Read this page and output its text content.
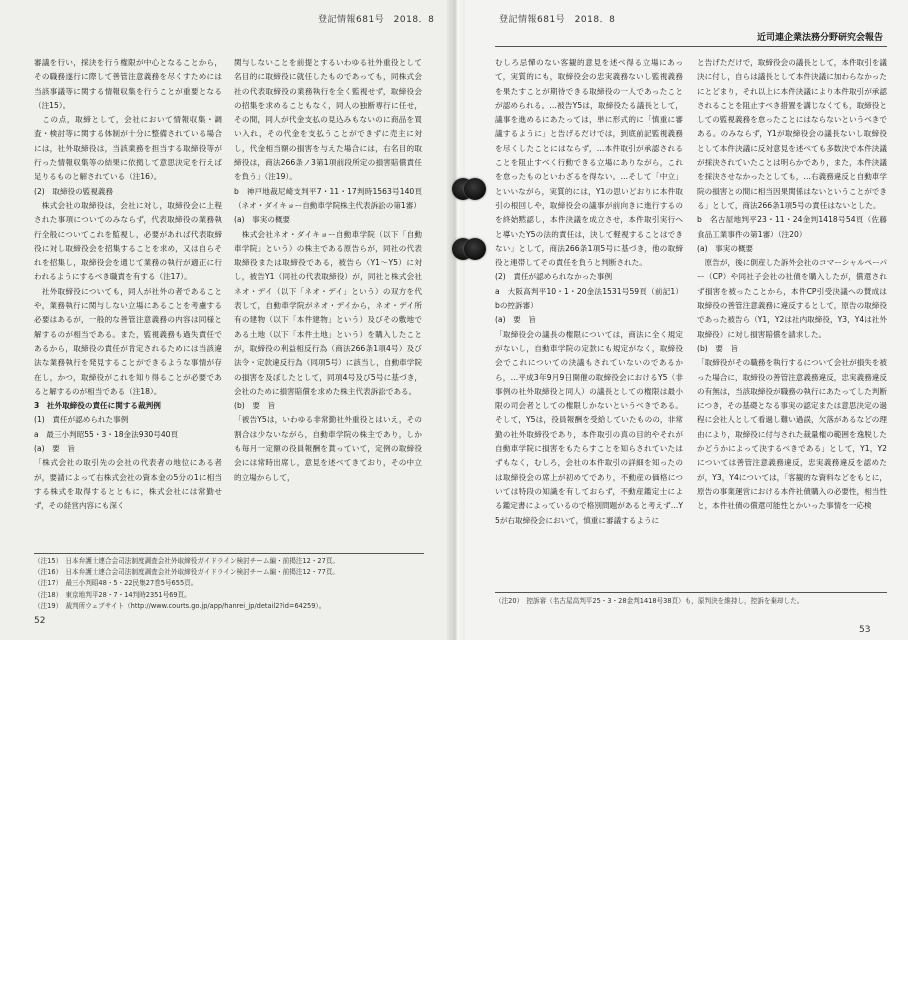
登記情報681号　2018．8

審議を行い，採決を行う権限が中心となることから，その職務遂行に際して善管注意義務を尽くすためには当該事議等に関する情報収集を行うことが重要となる（注15）。

　この点，取締として，会社において情報収集・調査・検討等に関する体制が十分に整備されている場合には，社外取締役は，当該業務を担当する取締役等が行った情報収集等の結果に依拠して意思決定を行えば足りるものと解されている（注16）。

(2)　取締役の監視義務

　株式会社の取締役は，会社に対し，取締役会に上程された事項についてのみならず，代表取締役の業務執行全般についてこれを監視し，必要があれば代表取締役に対し取締役会を招集することを求め，又は自らそれを招集し，取締役会を通じて業務の執行が適正に行われるようにするべき職責を有する（注17）。

　社外取締役についても，同人が社外の者であることや，業務執行に関与しない立場にあることを考慮する必要はあるが，一般的な善管注意義務の内容は同様と解するのが相当である。また，監視義務も過失責任であるから，取締役の責任が肯定されるためには当該違法な業務執行を発見することができるような事情が存在し，かつ，取締役がこれを知り得ることが必要であると解するのが相当である（注18）。

3　社外取締役の責任に関する裁判例

(1)　責任が認められた事例

a　最三小判昭55・3・18金法930号40頁

(a)　要　旨

「株式会社の取引先の会社の代表者の地位にある者が，要請によって右株式会社の資本金の5分の1に相当する株式を取得するとともに，株式会社には常勤せず，その経営内容にも深く

関与しないことを前提とするいわゆる社外重役として名目的に取締役に就任したものであっても，同株式会社の代表取締役の業務執行を全く監視せず，取締役会の招集を求めることもなく，同人の独断専行に任せ，その間，同人が代金支払の見込みもないのに商品を買い入れ，その代金を支払うことができずに売主に対し，代金相当額の損害を与えた場合には，右名目的取締役は，商法266条ノ3第1項前段所定の損害賠償責任を負う」（注19）。

b　神戸地裁尼崎支判平7・11・17判時1563号140頁（ネオ・ダイキョー自動車学院株主代表訴訟の第1審）

(a)　事実の概要

　株式会社ネオ・ダイキョー自動車学院（以下「自動車学院」という）の株主である原告らが，同社の代表取締役または取締役である，被告ら（Y1～Y5）に対し，被告Y1（同社の代表取締役）が，同社と株式会社ネオ・デイ（以下「ネオ・デイ」という）の双方を代表して，自動車学院がネオ・デイから，ネオ・デイ所有の建物（以下「本件建物」という）及びその敷地である土地（以下「本件土地」という）を購入したことが，取締役の利益相反行為（商法266条1項4号）及び法令・定款違反行為（同項5号）に該当し，自動車学院の損害を及ぼしたとして，同項4号及び5号に基づき，会社のために損害賠償を求めた株主代表訴訟である。

(b)　要　旨

「被告Y5は，いわゆる非常勤社外重役とはいえ，その割合は少ないながら，自動車学院の株主であり，しかも毎月一定額の役員報酬を貰っていて，定例の取締役会には常時出席し，意見を述べてきており，その中立的立場からして，

（注15）　日本弁護士連合会司法制度調査会社外取締役ガイドライン検討チーム編・前掲注12・27頁。
（注16）　日本弁護士連合会司法制度調査会社外取締役ガイドライン検討チーム編・前掲注12・77頁。
（注17）　最三小判昭48・5・22民集27巻5号655頁。
（注18）　東京地判平28・7・14判時2351号69頁。
（注19）　裁判所ウェブサイト（http://www.courts.go.jp/app/hanrei_jp/detail2?id=64259）。
52
登記情報681号　2018．8
近司連企業法務分野研究会報告

むしろ忌憚のない客観的意見を述べ得る立場にあって，実質的にも，取締役会の忠実義務ないし監視義務を果たすことが期待できる取締役の一人であったことが認められる。…被告Y5は，取締役たる議長として，議事を進めるにあたっては，単に形式的に「慎重に審議するように」と告げるだけでは，到底前記監視義務を尽くしたことにはならず，…本件取引が承認されることを阻止すべく行動できる立場にありながら，これを怠ったものといわざるを得ない。…そして「中立」といいながら，実質的には，Y1の思いどおりに本件取引の根回しや，取締役会の議事が前向きに進行するのを終始黙認し，本件決議を成立させ，本件取引実行へと導いたY5の法的責任は，決して軽視することはできない」として，商法266条1項5号に基づき，他の取締役と連帯してその責任を負うと判断された。

(2)　責任が認められなかった事例

a　大阪高判平10・1・20金法1531号59頁（前記1）bの控訴審）

(a)　要　旨

「取締役会の議長の権限については，商法に全く規定がないし，自動車学院の定款にも規定がなく，取締役会でこれについての決議もされていないのであるから，…平成3年9月9日開催の取締役会におけるY5（非事例の社外取締役と同人）の議長としての権限は最小限の司会者としての権限しかないというべきである。そして，Y5は，役員報酬を受給していたものの，非常勤の社外取締役であり，本件取引の真の目的やそれが自動車学院に損害をもたらすことを知らされていたはずもなく，むしろ，会社の本件取引の詳細を知ったのは取締役会の席上が初めてであり，不動産の価格については特段の知識を有しておらず，不動産鑑定士による鑑定書によっているので格別問題があると考えず…Y5が右取締役会において，慎重に審議するように

と告げただけで，取締役会の議長として，本件取引を議決に付し，自らは議長として本件決議に加わらなかったにとどまり，それ以上に本件決議により本件取引が承認されることを阻止すべき措置を講じなくても，取締役としての監視義務を怠ったことにはならないというべきである。のみならず，Y1が取締役会の議長ないし取締役として本件決議に反対意見を述べても多数決で本件決議が採決されていたことは明らかであり，また，本件決議を採決させなかったとしても，…右義務違反と自動車学院の損害との間に相当因果関係はないということができる」として，商法266条1項5号の責任はないとした。

b　名古屋地判平23・11・24金判1418号54頁（佐藤食品工業事件の第1審）（注20）

(a)　事実の概要

　原告が，後に倒産した訴外会社のコマーシャルペーパー（CP）や同社子会社の社債を購入したが，償還されず損害を被ったことから，本件CP引受決議への賛成は取締役の善管注意義務に違反するとして，原告の取締役であった被告ら（Y1，Y2は社内取締役，Y3，Y4は社外取締役）に対し損害賠償を請求した。

(b)　要　旨

「取締役がその職務を執行するについて会社が損失を被った場合に，取締役の善管注意義務違反，忠実義務違反の有無は，当該取締役が職務の執行にあたってした判断につき，その基礎となる事実の認定または意思決定の過程に会社人として看過し難い過誤，欠落があるなどの理由により，取締役に付与された裁量権の範囲を逸脱したかどうかによって決するべきである」として，Y1，Y2については善管注意義務違反，忠実義務違反を認めたが，Y3，Y4については，「客観的な資料などをもとに，原告の事業運営における本件社債購入の必要性，相当性と，本件社債の償還可能性とかいった事情を一応検

（注20）　控訴審（名古屋高判平25・3・28金判1418号38頁）も，原判決を維持し，控訴を棄却した。
53
